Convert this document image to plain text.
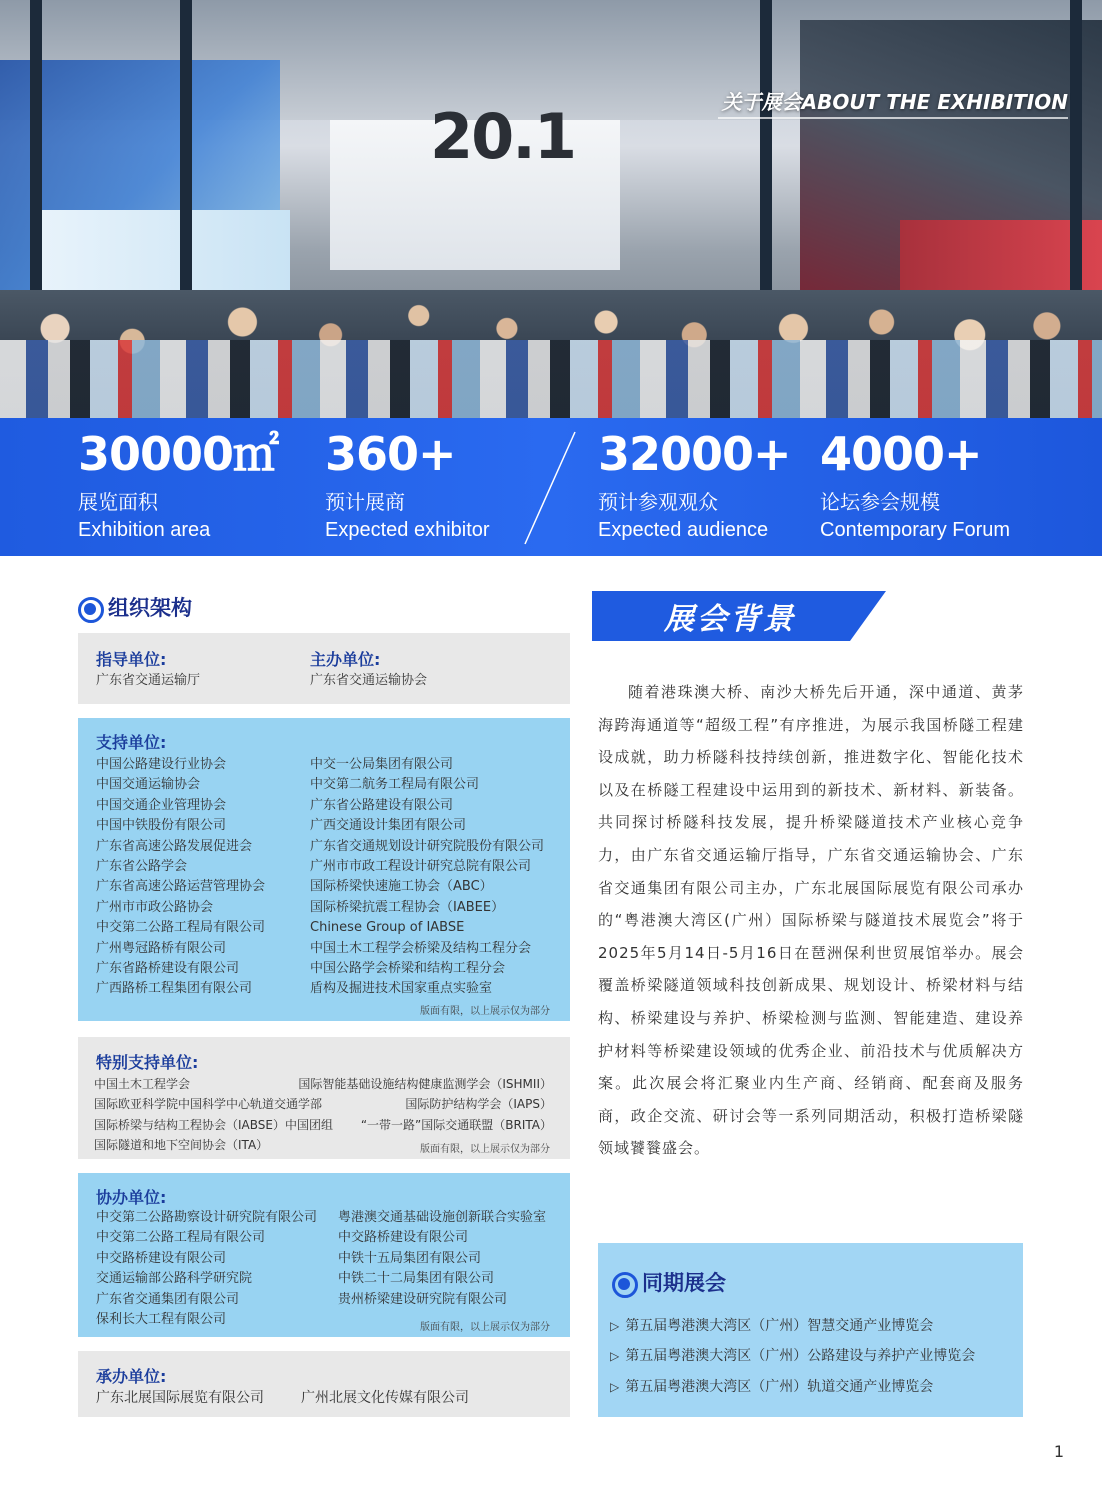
20.1	关于展会ABOUT THE EXHIBITION
30000㎡
展览面积
Exhibition area
360+
预计展商
Expected exhibitor
32000+
预计参观观众
Expected audience
4000+
论坛参会规模
Contemporary Forum
组织架构
指导单位:
广东省交通运输厅
主办单位:
广东省交通运输协会
支持单位:
中国公路建设行业协会
中国交通运输协会
中国交通企业管理协会
中国中铁股份有限公司
广东省高速公路发展促进会
广东省公路学会
广东省高速公路运营管理协会
广州市市政公路协会
中交第二公路工程局有限公司
广州粤冠路桥有限公司
广东省路桥建设有限公司
广西路桥工程集团有限公司
中交一公局集团有限公司
中交第二航务工程局有限公司
广东省公路建设有限公司
广西交通设计集团有限公司
广东省交通规划设计研究院股份有限公司
广州市市政工程设计研究总院有限公司
国际桥梁快速施工协会（ABC）
国际桥梁抗震工程协会（IABEE）
Chinese Group of IABSE
中国土木工程学会桥梁及结构工程分会
中国公路学会桥梁和结构工程分会
盾构及掘进技术国家重点实验室
版面有限，以上展示仅为部分
特别支持单位:
中国土木工程学会
国际欧亚科学院中国科学中心轨道交通学部
国际桥梁与结构工程协会（IABSE）中国团组
国际隧道和地下空间协会（ITA）
国际智能基础设施结构健康监测学会（ISHMII）
国际防护结构学会（IAPS）
“一带一路”国际交通联盟（BRITA）
版面有限，以上展示仅为部分
协办单位:
中交第二公路勘察设计研究院有限公司
中交第二公路工程局有限公司
中交路桥建设有限公司
交通运输部公路科学研究院
广东省交通集团有限公司
保利长大工程有限公司
粤港澳交通基础设施创新联合实验室
中交路桥建设有限公司
中铁十五局集团有限公司
中铁二十二局集团有限公司
贵州桥梁建设研究院有限公司
版面有限，以上展示仅为部分
承办单位:
广东北展国际展览有限公司	广州北展文化传媒有限公司
展会背景
随着港珠澳大桥、南沙大桥先后开通，深中通道、黄茅海跨海通道等“超级工程”有序推进，为展示我国桥隧工程建设成就，助力桥隧科技持续创新，推进数字化、智能化技术以及在桥隧工程建设中运用到的新技术、新材料、新装备。共同探讨桥隧科技发展，提升桥梁隧道技术产业核心竞争力，由广东省交通运输厅指导，广东省交通运输协会、广东省交通集团有限公司主办，广东北展国际展览有限公司承办的“粤港澳大湾区(广州）国际桥梁与隧道技术展览会”将于2025年5月14日-5月16日在琶洲保利世贸展馆举办。展会覆盖桥梁隧道领域科技创新成果、规划设计、桥梁材料与结构、桥梁建设与养护、桥梁检测与监测、智能建造、建设养护材料等桥梁建设领域的优秀企业、前沿技术与优质解决方案。此次展会将汇聚业内生产商、经销商、配套商及服务商，政企交流、研讨会等一系列同期活动，积极打造桥梁隧领域饕餮盛会。
同期展会
▷ 第五届粤港澳大湾区（广州）智慧交通产业博览会
▷ 第五届粤港澳大湾区（广州）公路建设与养护产业博览会
▷ 第五届粤港澳大湾区（广州）轨道交通产业博览会
1
